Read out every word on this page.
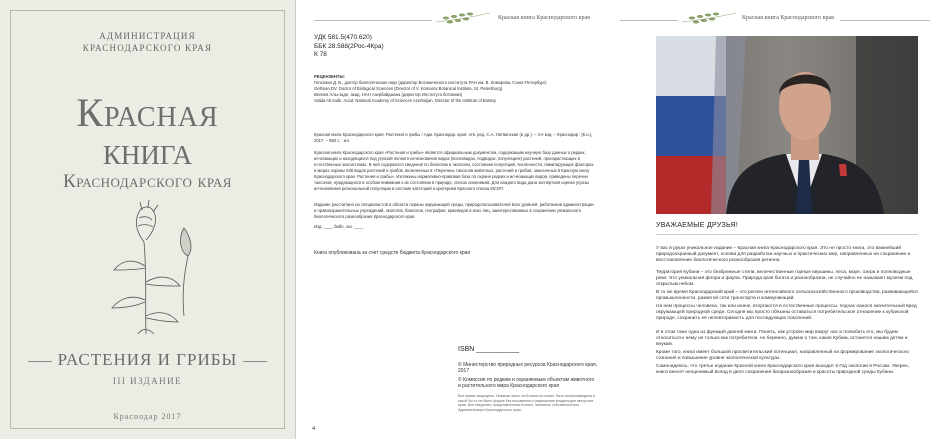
АДМИНИСТРАЦИЯ
КРАСНОДАРСКОГО КРАЯ
Красная
книга
Краснодарского края
РАСТЕНИЯ И ГРИБЫ
III ИЗДАНИЕ
Краснодар 2017
Красная книга Краснодарского края
УДК 581.5(470.620)
ББК 28.588(2Рос-4Кра)
К 78
РЕЦЕНЗЕНТЫ:
Гельтман Д. В., доктор биологических наук (директор Ботанического института РАН им. В. Комарова, Санкт-Петербург)
Geltman DV. Doctor of Biological Sciences (Director of V. Komarov Botanical Institute, St. Petersburg)
Велиев Алы-заде, акад. НАН Азербайджана (директор Института ботаники)
Valida Ali-zade. Acad. National Academy of Sciences Azerbaijan, Director of the Institute of Botany
Красная книга Краснодарского края. Растения и грибы / Адм. Краснодар. края; отв. ред. С.А. Литвинская (и др.). – 3-е изд. – Краснодар : [К.и.], 2017. – 850 с. : ил.
Красная книга Краснодарского края «Растения и грибы» является официальным документом, содержащим научную базу данных о редких, исчезающих и находящихся под угрозой полного исчезновения видах (восновидах, подвидах, популяциях) растений, произрастающих в естественных экосистемах. В ней содержатся сведения по биологии и экологии, состоянию популяций, численности, лимитирующих факторах и мерах охраны 538 видов растений и грибов, включенных в «Перечень таксонов животных, растений и грибов, занесенных в Красную книгу Краснодарского края. Растения и грибы». Изложены нормативно-правовая база по охране редких и исчезающих видов, приведены перечни таксонов, нуждающихся в особом внимании к их состоянию в природе, список синонимов. Для каждого вида дана экспертная оценка угрозы исчезновения региональной популяции в системе категорий и критериев Красного списка МСОП.
Издание рассчитано на специалистов в области охраны окружающей среды, природопользователей всех уровней, работников администрации и правоохранительных учреждений, экологов, биологов, географов, краеведов и всех лиц, заинтересованных в сохранении уникального биологического разнообразия Краснодарского края.
Изд. ____ библ. экз. ____
Книга опубликована за счет средств бюджета Краснодарского края
ISBN ___________
© Министерство природных ресурсов Краснодарского края, 2017
© Комиссия по редким и охраняемым объектам животного и растительного мира Краснодарского края
Все права защищены. Никакая часть этой книги не может быть воспроизведена в какой бы то ни было форме без письменного разрешения владельцев авторских прав. Все сведения, представленные в книге, являются собственностью Администрации Краснодарского края.
4
Красная книга Краснодарского края
УВАЖАЕМЫЕ ДРУЗЬЯ!
У вас в руках уникальное издание – Красная книга Краснодарского края. Это не просто книга, это важнейший природоохранный документ, основа для разработки научных и практических мер, направленных на сохранение и восстановление биологического разнообразия региона.
Территория Кубани – это безбрежные степи, величественные горные вершины, леса, море, озера и полноводные реки. Это уникальная флора и фауна. Природа края богата и разнообразна, не случайно ее называют музеем под открытым небом.
В то же время Краснодарский край – это регион интенсивного сельскохозяйственного производства, развивающейся промышленности, развитой сети транспорта и коммуникаций.
На нем процессы человека, так или иначе, вторгаются в естественные процессы, подчас нанося значительный вред окружающей природной среде. Сегодня мы просто обязаны оставаться потребительское отношение к кубанской природе, сохранить её неповторимость для последующих поколений.
И в этом тоже одна из функций данной книги. Понять, как устроен мир вокруг нас и полюбить его, мы будем относиться к нему не только как потребители, но бережно, думаю о том, какая Кубань останется нашим детям и внукам.
Кроме того, книга имеет большой просветительский потенциал, направленный на формирование экологического сознания и повышение уровня экологической культуры.
Самонадеюсь, что третье издание Красной книги Краснодарского края выходит в Год экологии в России. Уверен, книга внесет неоценимый вклад в дело сохранения биоразнообразия и красоты природной среды Кубани.
